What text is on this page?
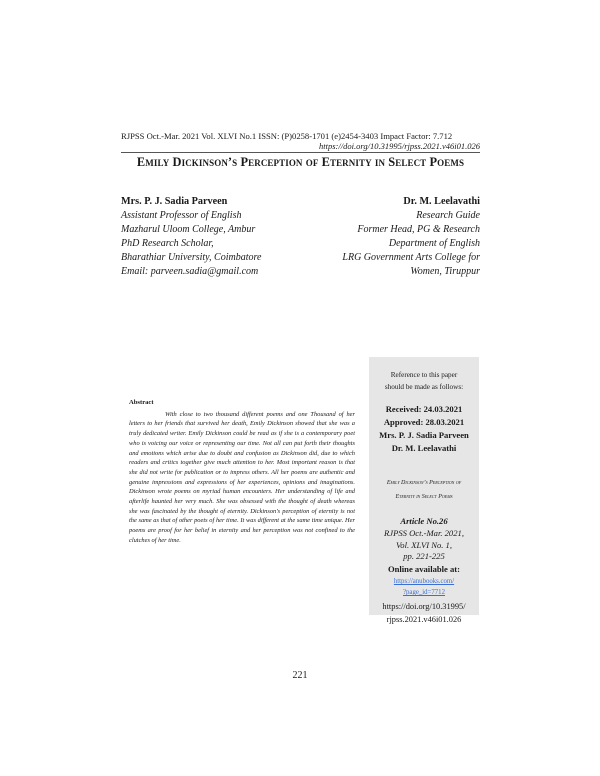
RJPSS Oct.-Mar. 2021 Vol. XLVI No.1 ISSN: (P)0258-1701 (e)2454-3403 Impact Factor: 7.712
https://doi.org/10.31995/rjpss.2021.v46i01.026
Emily Dickinson’s Perception of Eternity in Select Poems
Mrs. P. J. Sadia Parveen
Assistant Professor of English
Mazharul Uloom College, Ambur
PhD Research Scholar,
Bharathiar University, Coimbatore
Email: parveen.sadia@gmail.com
Dr. M. Leelavathi
Research Guide
Former Head, PG & Research
Department of English
LRG Government Arts College for
Women, Tiruppur
Abstract
With close to two thousand different poems and one Thousand of her letters to her friends that survived her death, Emily Dickinson showed that she was a truly dedicated writer. Emily Dickinson could be read as if she is a contemporary poet who is voicing our voice or representing our time. Not all can put forth their thoughts and emotions which arise due to doubt and confusion as Dickinson did, due to which readers and critics together give much attention to her. Most important reason is that she did not write for publication or to impress others. All her poems are authentic and genuine impressions and expressions of her experiences, opinions and imaginations. Dickinson wrote poems on myriad human encounters. Her understanding of life and afterlife haunted her very much. She was obsessed with the thought of death whereas she was fascinated by the thought of eternity. Dickinson's perception of eternity is not the same as that of other poets of her time. It was different at the same time unique. Her poems are proof for her belief in eternity and her perception was not confined to the clutches of her time.
Reference to this paper
should be made as follows:
Received: 24.03.2021
Approved: 28.03.2021
Mrs. P. J. Sadia Parveen
Dr. M. Leelavathi
Emily Dickinson’s Perception of
Eternity in Select Poems
Article No.26
RJPSS Oct.-Mar. 2021,
Vol. XLVI No. 1,
pp. 221-225
Online available at:
https://anubooks.com/
?page_id=7712
https://doi.org/10.31995/
rjpss.2021.v46i01.026
221
